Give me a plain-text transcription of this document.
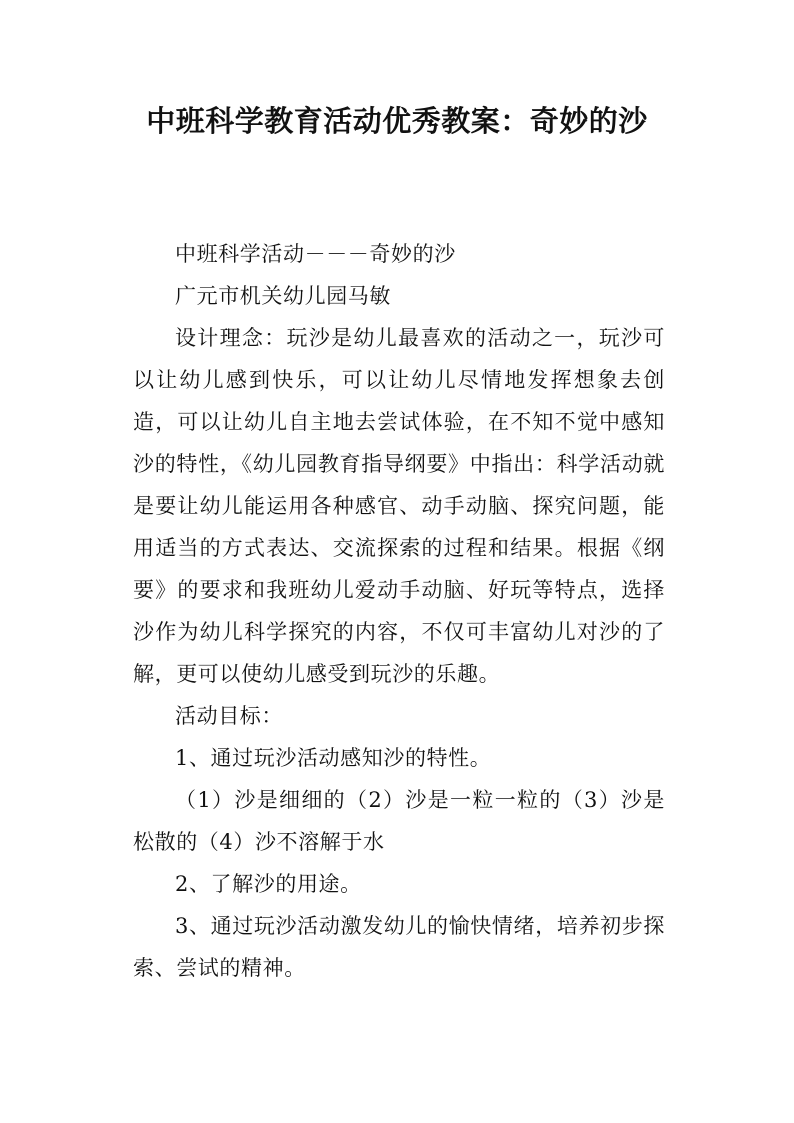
中班科学教育活动优秀教案：奇妙的沙

中班科学活动－－－奇妙的沙

广元市机关幼儿园马敏

设计理念：玩沙是幼儿最喜欢的活动之一，玩沙可以让幼儿感到快乐，可以让幼儿尽情地发挥想象去创造，可以让幼儿自主地去尝试体验，在不知不觉中感知沙的特性，《幼儿园教育指导纲要》中指出：科学活动就是要让幼儿能运用各种感官、动手动脑、探究问题，能用适当的方式表达、交流探索的过程和结果。根据《纲要》的要求和我班幼儿爱动手动脑、好玩等特点，选择沙作为幼儿科学探究的内容，不仅可丰富幼儿对沙的了解，更可以使幼儿感受到玩沙的乐趣。

活动目标：

1、通过玩沙活动感知沙的特性。

（1）沙是细细的（2）沙是一粒一粒的（3）沙是松散的（4）沙不溶解于水

2、了解沙的用途。

3、通过玩沙活动激发幼儿的愉快情绪，培养初步探索、尝试的精神。
